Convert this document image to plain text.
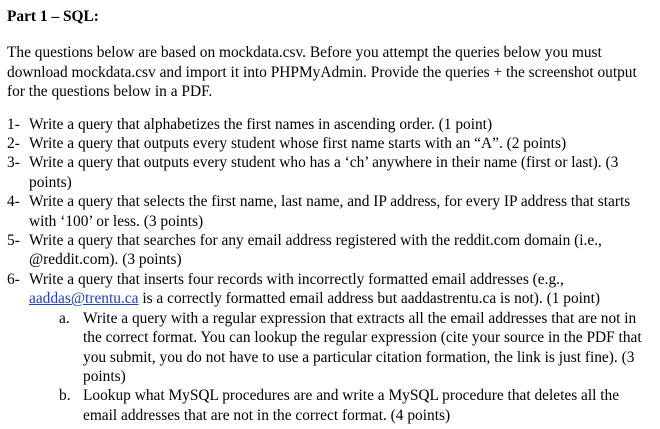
Part 1 – SQL:
The questions below are based on mockdata.csv. Before you attempt the queries below you must download mockdata.csv and import it into PHPMyAdmin. Provide the queries + the screenshot output for the questions below in a PDF.
1- Write a query that alphabetizes the first names in ascending order. (1 point)
2- Write a query that outputs every student whose first name starts with an “A”. (2 points)
3- Write a query that outputs every student who has a ‘ch’ anywhere in their name (first or last). (3 points)
4- Write a query that selects the first name, last name, and IP address, for every IP address that starts with ‘100’ or less. (3 points)
5- Write a query that searches for any email address registered with the reddit.com domain (i.e., @reddit.com). (3 points)
6- Write a query that inserts four records with incorrectly formatted email addresses (e.g., aaddas@trentu.ca is a correctly formatted email address but aaddastrentu.ca is not). (1 point)
a. Write a query with a regular expression that extracts all the email addresses that are not in the correct format. You can lookup the regular expression (cite your source in the PDF that you submit, you do not have to use a particular citation formation, the link is just fine). (3 points)
b. Lookup what MySQL procedures are and write a MySQL procedure that deletes all the email addresses that are not in the correct format. (4 points)
